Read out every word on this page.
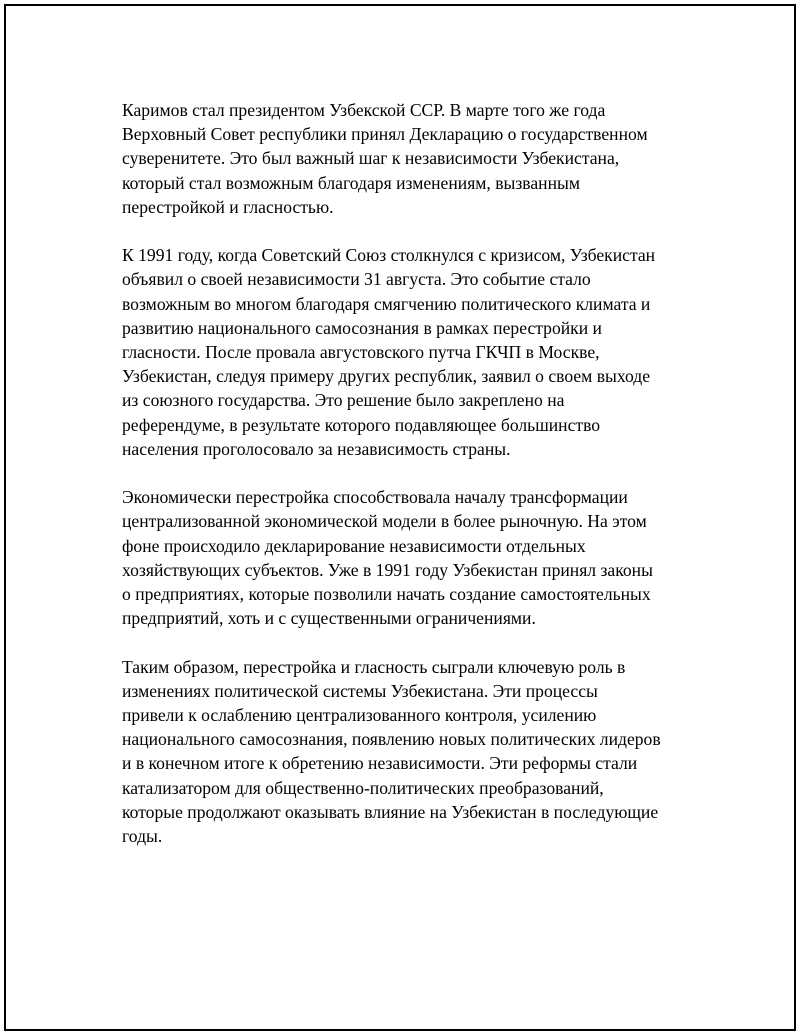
Каримов стал президентом Узбекской ССР. В марте того же года
Верховный Совет республики принял Декларацию о государственном
суверенитете. Это был важный шаг к независимости Узбекистана,
который стал возможным благодаря изменениям, вызванным
перестройкой и гласностью.

К 1991 году, когда Советский Союз столкнулся с кризисом, Узбекистан
объявил о своей независимости 31 августа. Это событие стало
возможным во многом благодаря смягчению политического климата и
развитию национального самосознания в рамках перестройки и
гласности. После провала августовского путча ГКЧП в Москве,
Узбекистан, следуя примеру других республик, заявил о своем выходе
из союзного государства. Это решение было закреплено на
референдуме, в результате которого подавляющее большинство
населения проголосовало за независимость страны.

Экономически перестройка способствовала началу трансформации
централизованной экономической модели в более рыночную. На этом
фоне происходило декларирование независимости отдельных
хозяйствующих субъектов. Уже в 1991 году Узбекистан принял законы
о предприятиях, которые позволили начать создание самостоятельных
предприятий, хоть и с существенными ограничениями.

Таким образом, перестройка и гласность сыграли ключевую роль в
изменениях политической системы Узбекистана. Эти процессы
привели к ослаблению централизованного контроля, усилению
национального самосознания, появлению новых политических лидеров
и в конечном итоге к обретению независимости. Эти реформы стали
катализатором для общественно-политических преобразований,
которые продолжают оказывать влияние на Узбекистан в последующие
годы.
